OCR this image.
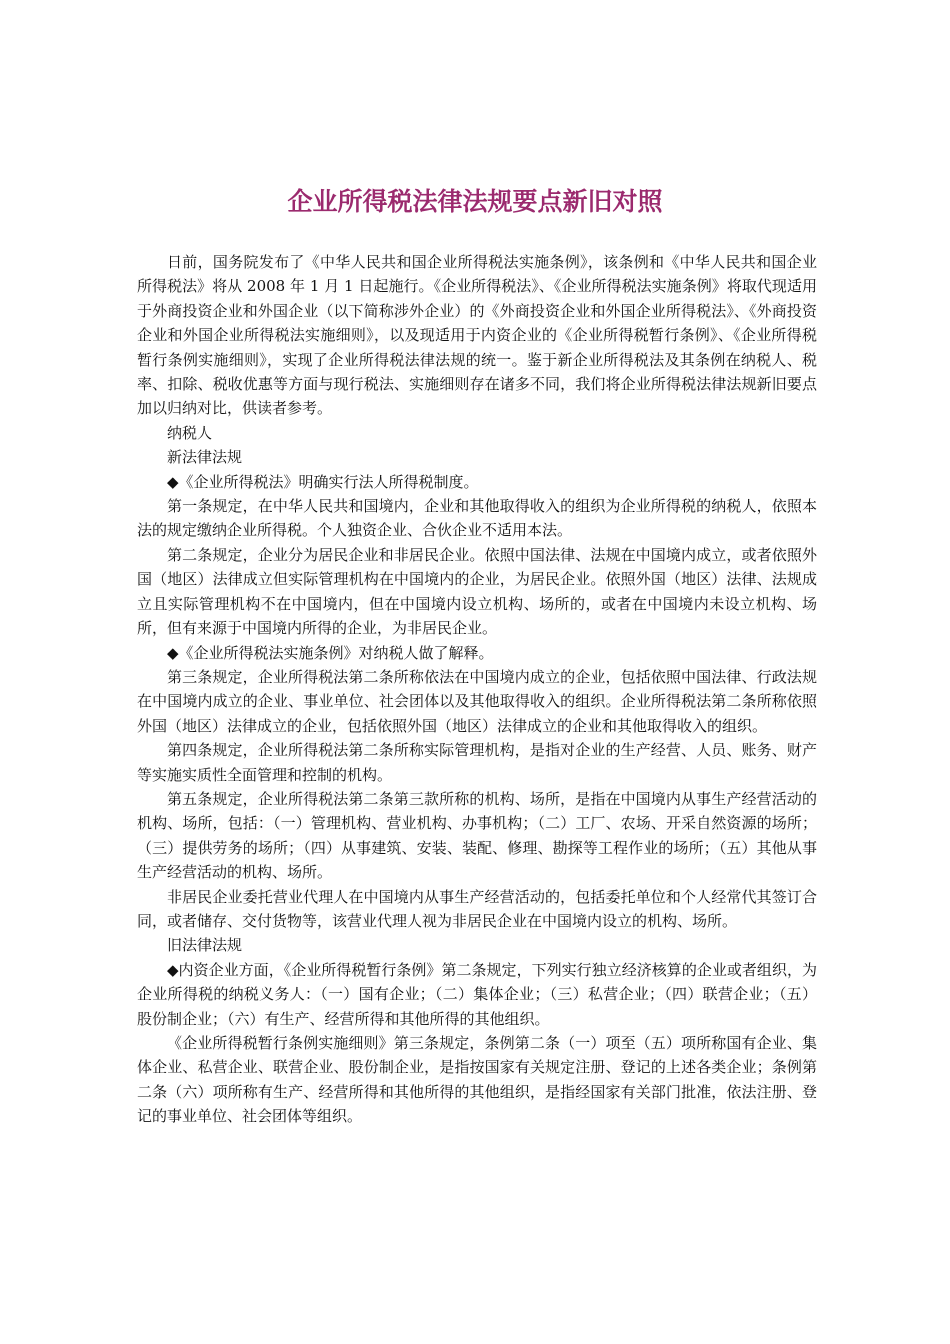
企业所得税法律法规要点新旧对照

日前，国务院发布了《中华人民共和国企业所得税法实施条例》，该条例和《中华人民共和国企业所得税法》将从 2008 年 1 月 1 日起施行。《企业所得税法》、《企业所得税法实施条例》将取代现适用于外商投资企业和外国企业（以下简称涉外企业）的《外商投资企业和外国企业所得税法》、《外商投资企业和外国企业所得税法实施细则》，以及现适用于内资企业的《企业所得税暂行条例》、《企业所得税暂行条例实施细则》，实现了企业所得税法律法规的统一。鉴于新企业所得税法及其条例在纳税人、税率、扣除、税收优惠等方面与现行税法、实施细则存在诸多不同，我们将企业所得税法律法规新旧要点加以归纳对比，供读者参考。

纳税人

新法律法规

◆《企业所得税法》明确实行法人所得税制度。

第一条规定，在中华人民共和国境内，企业和其他取得收入的组织为企业所得税的纳税人，依照本法的规定缴纳企业所得税。个人独资企业、合伙企业不适用本法。

第二条规定，企业分为居民企业和非居民企业。依照中国法律、法规在中国境内成立，或者依照外国（地区）法律成立但实际管理机构在中国境内的企业，为居民企业。依照外国（地区）法律、法规成立且实际管理机构不在中国境内，但在中国境内设立机构、场所的，或者在中国境内未设立机构、场所，但有来源于中国境内所得的企业，为非居民企业。

◆《企业所得税法实施条例》对纳税人做了解释。

第三条规定，企业所得税法第二条所称依法在中国境内成立的企业，包括依照中国法律、行政法规在中国境内成立的企业、事业单位、社会团体以及其他取得收入的组织。企业所得税法第二条所称依照外国（地区）法律成立的企业，包括依照外国（地区）法律成立的企业和其他取得收入的组织。

第四条规定，企业所得税法第二条所称实际管理机构，是指对企业的生产经营、人员、账务、财产等实施实质性全面管理和控制的机构。

第五条规定，企业所得税法第二条第三款所称的机构、场所，是指在中国境内从事生产经营活动的机构、场所，包括：（一）管理机构、营业机构、办事机构；（二）工厂、农场、开采自然资源的场所；（三）提供劳务的场所；（四）从事建筑、安装、装配、修理、勘探等工程作业的场所；（五）其他从事生产经营活动的机构、场所。

非居民企业委托营业代理人在中国境内从事生产经营活动的，包括委托单位和个人经常代其签订合同，或者储存、交付货物等，该营业代理人视为非居民企业在中国境内设立的机构、场所。

旧法律法规

◆内资企业方面，《企业所得税暂行条例》第二条规定，下列实行独立经济核算的企业或者组织，为企业所得税的纳税义务人：（一）国有企业；（二）集体企业；（三）私营企业；（四）联营企业；（五）股份制企业；（六）有生产、经营所得和其他所得的其他组织。

《企业所得税暂行条例实施细则》第三条规定，条例第二条（一）项至（五）项所称国有企业、集体企业、私营企业、联营企业、股份制企业，是指按国家有关规定注册、登记的上述各类企业；条例第二条（六）项所称有生产、经营所得和其他所得的其他组织，是指经国家有关部门批准，依法注册、登记的事业单位、社会团体等组织。
